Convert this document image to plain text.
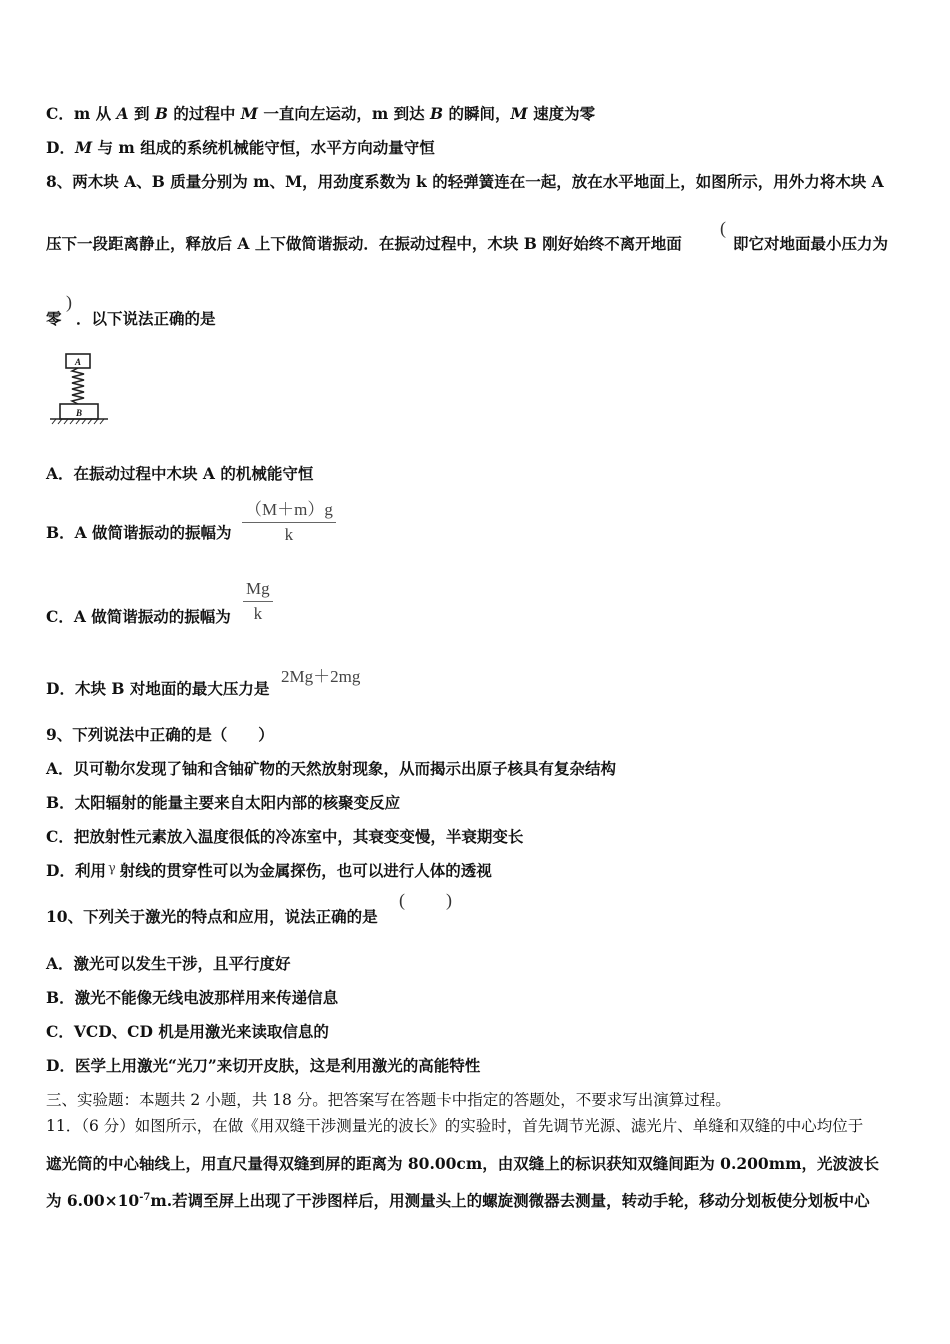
C．m 从 A 到 B 的过程中 M 一直向左运动，m 到达 B 的瞬间，M 速度为零
D．M 与 m 组成的系统机械能守恒，水平方向动量守恒
8、两木块 A、B 质量分别为 m、M，用劲度系数为 k 的轻弹簧连在一起，放在水平地面上，如图所示，用外力将木块 A
压下一段距离静止，释放后 A 上下做简谐振动．在振动过程中，木块 B 刚好始终不离开地面
(
即它对地面最小压力为
零
)
．以下说法正确的是
A
B
A．在振动过程中木块 A 的机械能守恒
B．A 做简谐振动的振幅为 $\frac{(M+m)g}{k}$
C．A 做简谐振动的振幅为 $\frac{Mg}{k}$
D．木块 B 对地面的最大压力是
2Mg＋2mg
9、下列说法中正确的是（　　）
A．贝可勒尔发现了铀和含铀矿物的天然放射现象，从而揭示出原子核具有复杂结构
B．太阳辐射的能量主要来自太阳内部的核聚变反应
C．把放射性元素放入温度很低的冷冻室中，其衰变变慢，半衰期变长
D．利用 $^\gamma$ 射线的贯穿性可以为金属探伤，也可以进行人体的透视
10、下列关于激光的特点和应用，说法正确的是
( )
A．激光可以发生干涉，且平行度好
B．激光不能像无线电波那样用来传递信息
C．VCD、CD 机是用激光来读取信息的
D．医学上用激光“光刀”来切开皮肤，这是利用激光的高能特性
三、实验题：本题共 2 小题，共 18 分。把答案写在答题卡中指定的答题处，不要求写出演算过程。
11．（6 分）如图所示，在做《用双缝干涉测量光的波长》的实验时，首先调节光源、滤光片、单缝和双缝的中心均位于
遮光筒的中心轴线上，用直尺量得双缝到屏的距离为 80.00cm，由双缝上的标识获知双缝间距为 0.200mm，光波波长
为 $6.00\times 10^{-7}m$.若调至屏上出现了干涉图样后，用测量头上的螺旋测微器去测量，转动手轮，移动分划板使分划板中心
